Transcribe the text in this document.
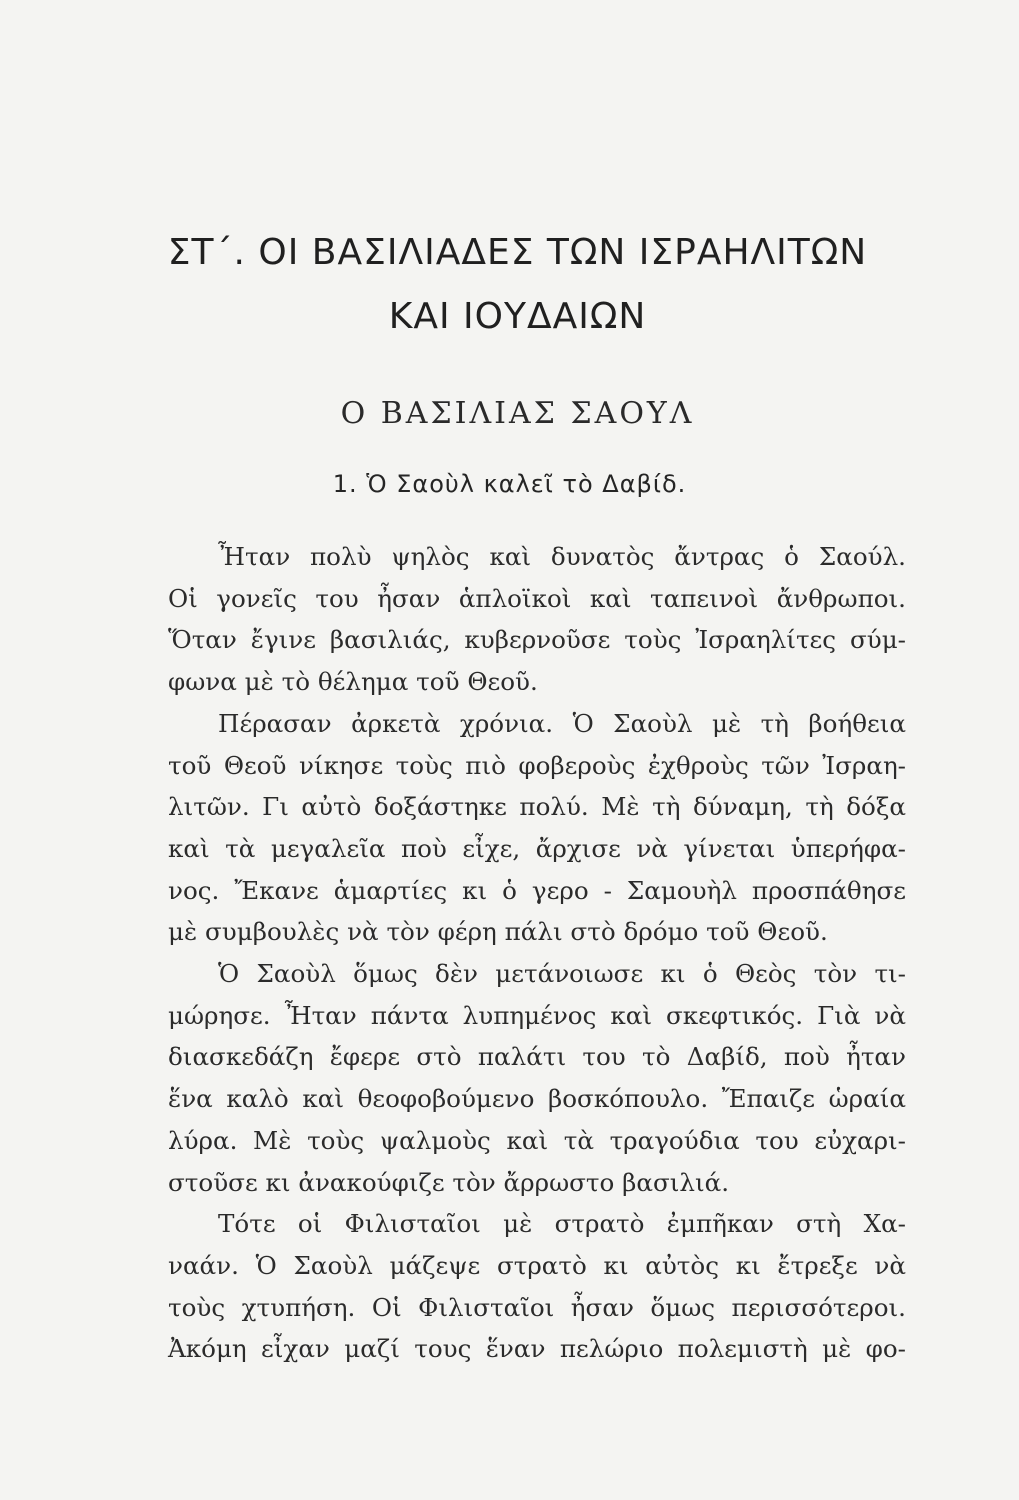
ΣΤ΄. ΟΙ ΒΑΣΙΛΙΑΔΕΣ ΤΩΝ ΙΣΡΑΗΛΙΤΩΝ
ΚΑΙ ΙΟΥΔΑΙΩΝ
Ο ΒΑΣΙΛΙΑΣ ΣΑΟΥΛ
1. Ὁ Σαοὺλ καλεῖ τὸ Δαβίδ.

Ἦταν πολὺ ψηλὸς καὶ δυνατὸς ἄντρας ὁ Σαούλ.
Οἱ γονεῖς του ἦσαν ἁπλοϊκοὶ καὶ ταπεινοὶ ἄνθρωποι.
Ὅταν ἔγινε βασιλιάς, κυβερνοῦσε τοὺς Ἰσραηλίτες σύμ-
φωνα μὲ τὸ θέλημα τοῦ Θεοῦ.

Πέρασαν ἀρκετὰ χρόνια. Ὁ Σαοὺλ μὲ τὴ βοήθεια
τοῦ Θεοῦ νίκησε τοὺς πιὸ φοβεροὺς ἐχθροὺς τῶν Ἰσραη-
λιτῶν. Γι αὐτὸ δοξάστηκε πολύ. Μὲ τὴ δύναμη, τὴ δόξα
καὶ τὰ μεγαλεῖα ποὺ εἶχε, ἄρχισε νὰ γίνεται ὑπερήφα-
νος. Ἔκανε ἁμαρτίες κι ὁ γερο - Σαμουὴλ προσπάθησε
μὲ συμβουλὲς νὰ τὸν φέρη πάλι στὸ δρόμο τοῦ Θεοῦ.

Ὁ Σαοὺλ ὅμως δὲν μετάνοιωσε κι ὁ Θεὸς τὸν τι-
μώρησε. Ἦταν πάντα λυπημένος καὶ σκεφτικός. Γιὰ νὰ
διασκεδάζη ἔφερε στὸ παλάτι του τὸ Δαβίδ, ποὺ ἦταν
ἕνα καλὸ καὶ θεοφοβούμενο βοσκόπουλο. Ἔπαιζε ὡραία
λύρα. Μὲ τοὺς ψαλμοὺς καὶ τὰ τραγούδια του εὐχαρι-
στοῦσε κι ἀνακούφιζε τὸν ἄρρωστο βασιλιά.

Τότε οἱ Φιλισταῖοι μὲ στρατὸ ἐμπῆκαν στὴ Χα-
ναάν. Ὁ Σαοὺλ μάζεψε στρατὸ κι αὐτὸς κι ἔτρεξε νὰ
τοὺς χτυπήση. Οἱ Φιλισταῖοι ἦσαν ὅμως περισσότεροι.
Ἀκόμη εἶχαν μαζί τους ἕναν πελώριο πολεμιστὴ μὲ φο-
